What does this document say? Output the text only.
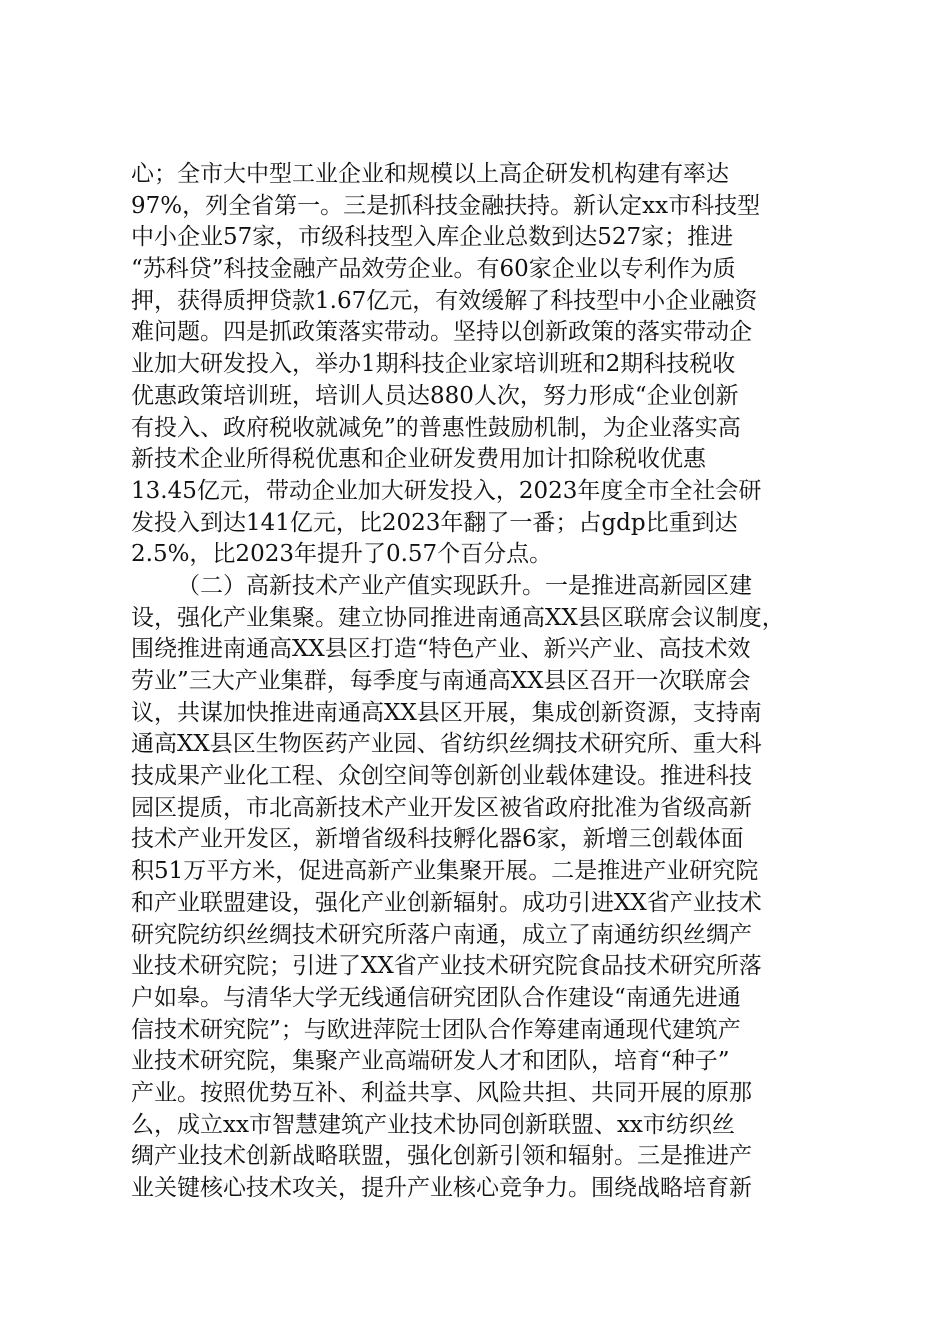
心；全市大中型工业企业和规模以上高企研发机构建有率达
97%，列全省第一。三是抓科技金融扶持。新认定xx市科技型
中小企业57家，市级科技型入库企业总数到达527家；推进
“苏科贷”科技金融产品效劳企业。有60家企业以专利作为质
押，获得质押贷款1.67亿元，有效缓解了科技型中小企业融资
难问题。四是抓政策落实带动。坚持以创新政策的落实带动企
业加大研发投入，举办1期科技企业家培训班和2期科技税收
优惠政策培训班，培训人员达880人次，努力形成“企业创新
有投入、政府税收就减免”的普惠性鼓励机制，为企业落实高
新技术企业所得税优惠和企业研发费用加计扣除税收优惠
13.45亿元，带动企业加大研发投入，2023年度全市全社会研
发投入到达141亿元，比2023年翻了一番；占gdp比重到达
2.5%，比2023年提升了0.57个百分点。
（二）高新技术产业产值实现跃升。一是推进高新园区建
设，强化产业集聚。建立协同推进南通高XX县区联席会议制度，
围绕推进南通高XX县区打造“特色产业、新兴产业、高技术效
劳业”三大产业集群，每季度与南通高XX县区召开一次联席会
议，共谋加快推进南通高XX县区开展，集成创新资源，支持南
通高XX县区生物医药产业园、省纺织丝绸技术研究所、重大科
技成果产业化工程、众创空间等创新创业载体建设。推进科技
园区提质，市北高新技术产业开发区被省政府批准为省级高新
技术产业开发区，新增省级科技孵化器6家，新增三创载体面
积51万平方米，促进高新产业集聚开展。二是推进产业研究院
和产业联盟建设，强化产业创新辐射。成功引进XX省产业技术
研究院纺织丝绸技术研究所落户南通，成立了南通纺织丝绸产
业技术研究院；引进了XX省产业技术研究院食品技术研究所落
户如皋。与清华大学无线通信研究团队合作建设“南通先进通
信技术研究院”；与欧进萍院士团队合作筹建南通现代建筑产
业技术研究院，集聚产业高端研发人才和团队，培育“种子”
产业。按照优势互补、利益共享、风险共担、共同开展的原那
么，成立xx市智慧建筑产业技术协同创新联盟、xx市纺织丝
绸产业技术创新战略联盟，强化创新引领和辐射。三是推进产
业关键核心技术攻关，提升产业核心竞争力。围绕战略培育新
